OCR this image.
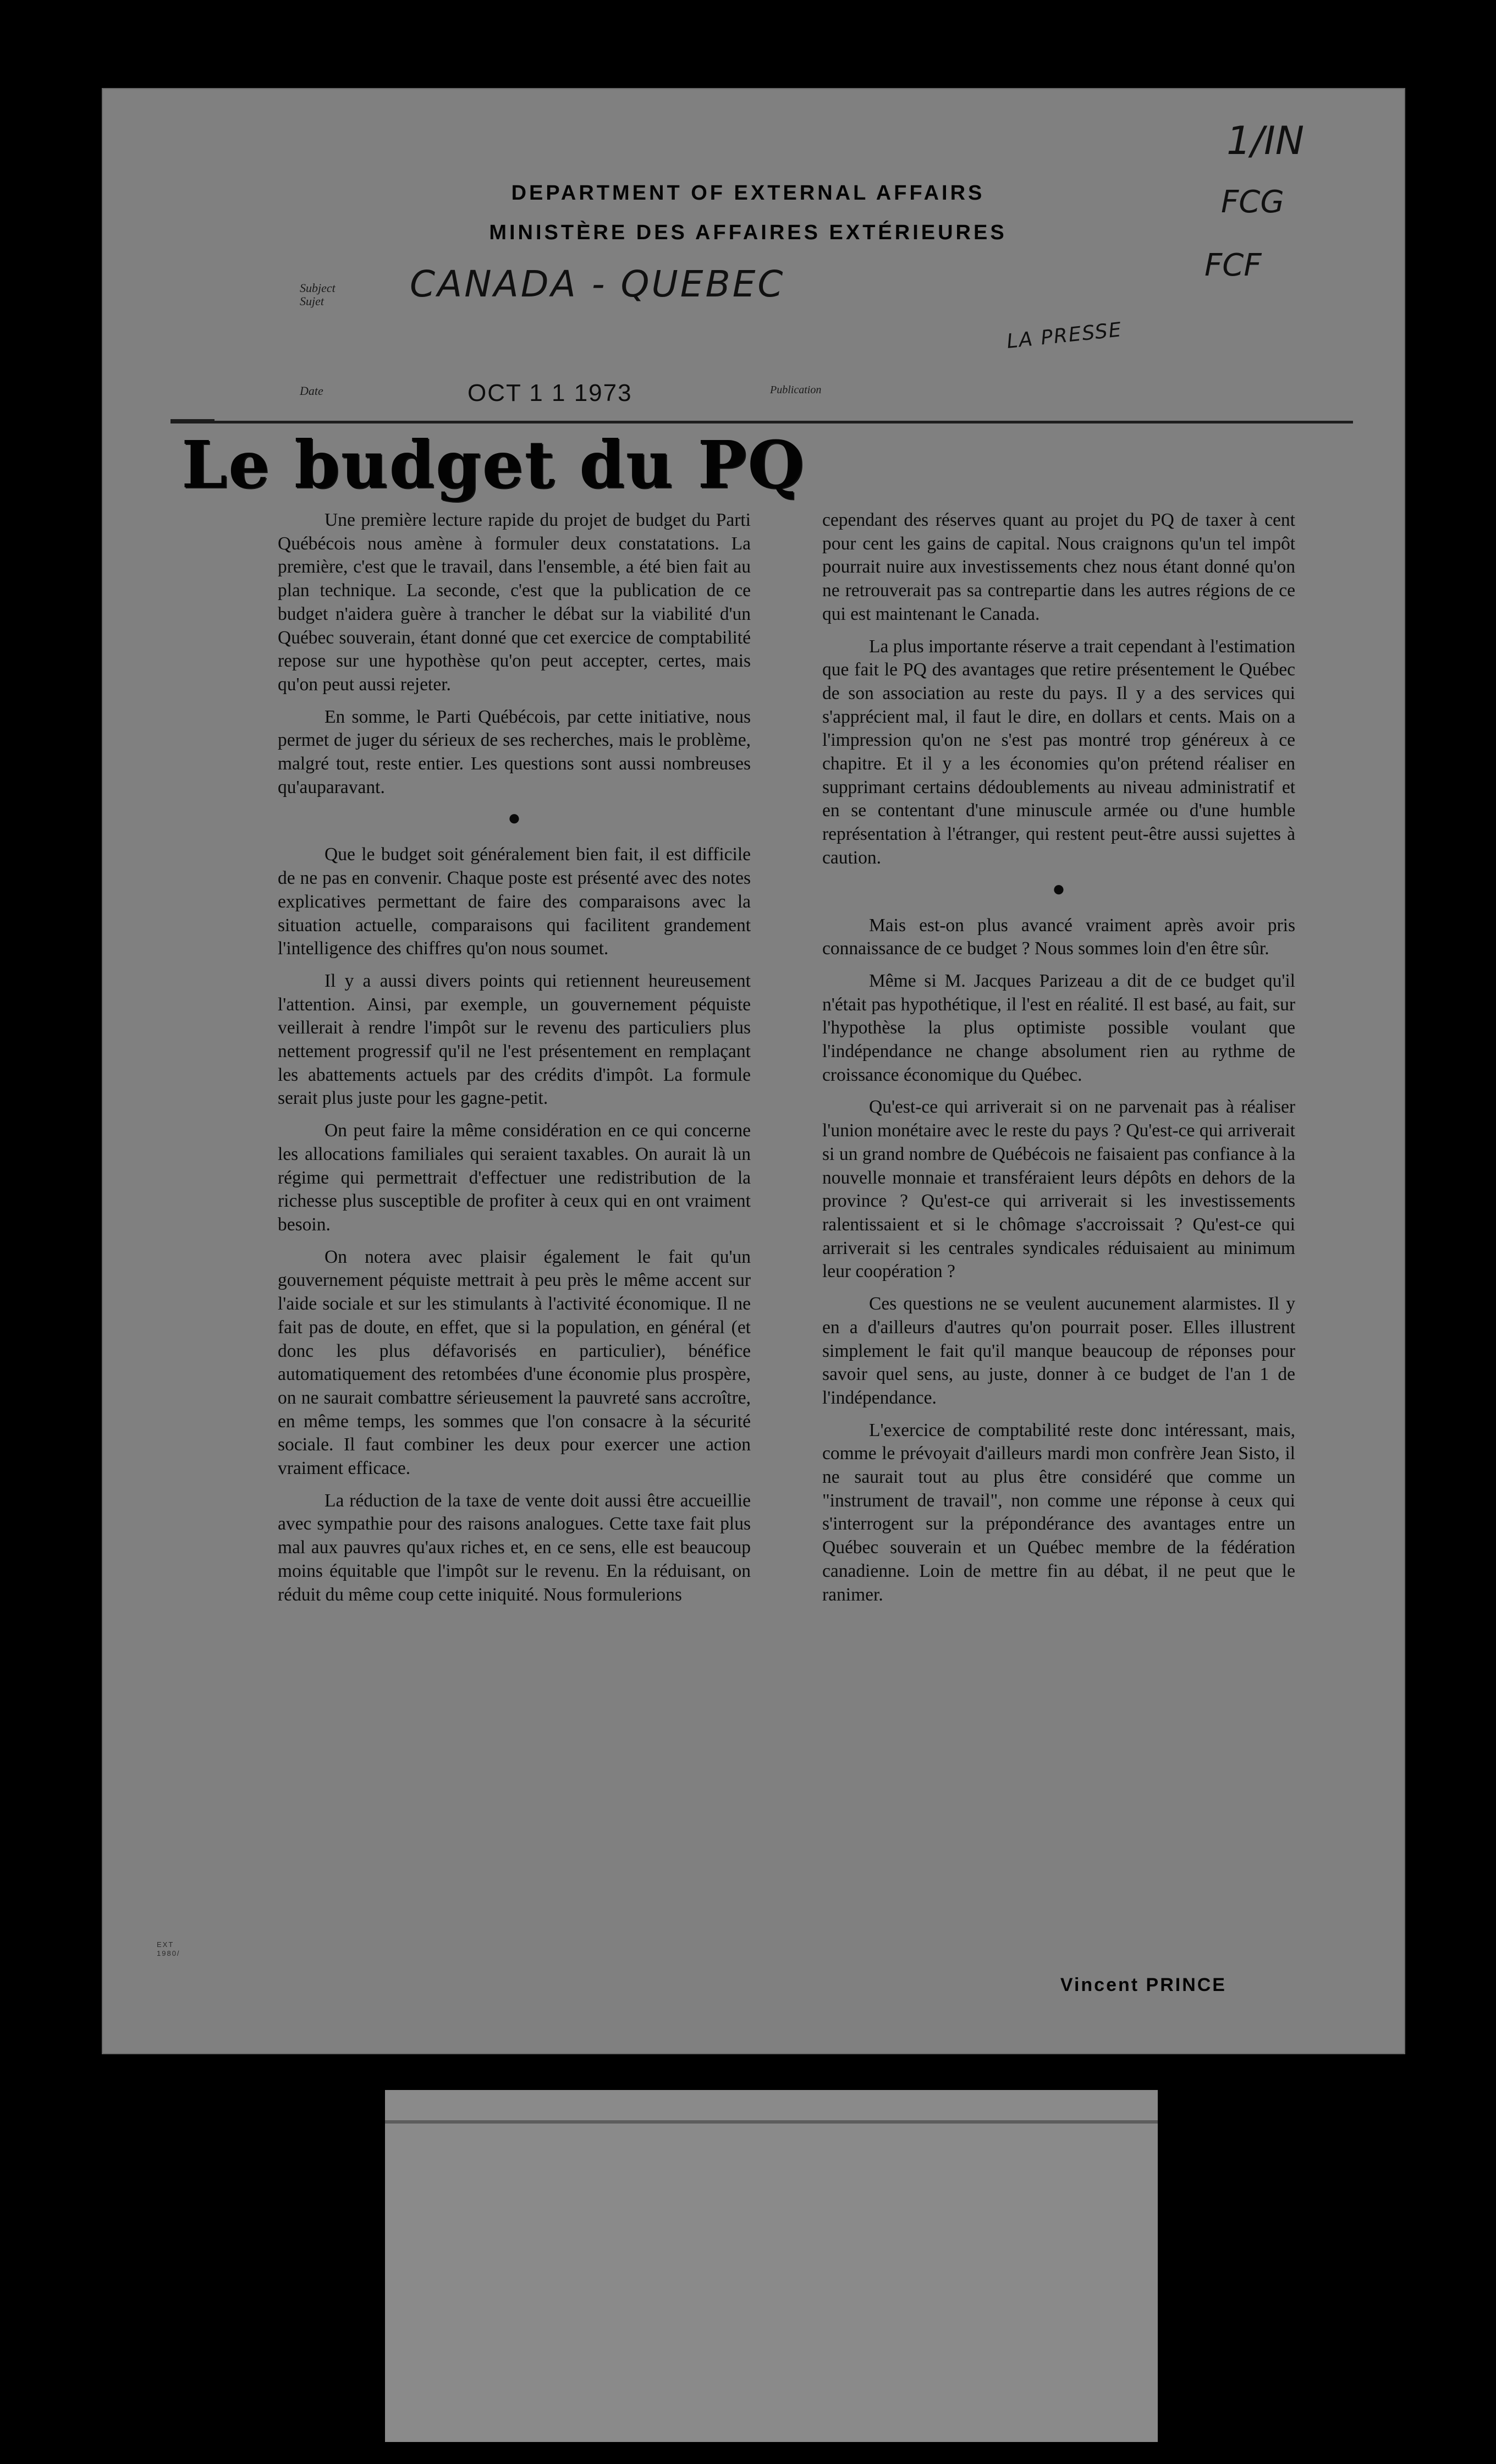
DEPARTMENT OF EXTERNAL AFFAIRS
MINISTÈRE DES AFFAIRES EXTÉRIEURES
Subject Sujet	CANADA - QUEBEC
LA PRESSE
Date	OCT 1 1 1973	Publication
1/IN
FCG
FCF
Le budget du PQ

Une première lecture rapide du projet de budget du Parti Québécois nous amène à formuler deux constatations. La première, c'est que le travail, dans l'ensemble, a été bien fait au plan technique. La seconde, c'est que la publication de ce budget n'aidera guère à trancher le débat sur la viabilité d'un Québec souverain, étant donné que cet exercice de comptabilité repose sur une hypothèse qu'on peut accepter, certes, mais qu'on peut aussi rejeter.

En somme, le Parti Québécois, par cette initiative, nous permet de juger du sérieux de ses recherches, mais le problème, malgré tout, reste entier. Les questions sont aussi nombreuses qu'auparavant.

●

Que le budget soit généralement bien fait, il est difficile de ne pas en convenir. Chaque poste est présenté avec des notes explicatives permettant de faire des comparaisons avec la situation actuelle, comparaisons qui facilitent grandement l'intelligence des chiffres qu'on nous soumet.

Il y a aussi divers points qui retiennent heureusement l'attention. Ainsi, par exemple, un gouvernement péquiste veillerait à rendre l'impôt sur le revenu des particuliers plus nettement progressif qu'il ne l'est présentement en remplaçant les abattements actuels par des crédits d'impôt. La formule serait plus juste pour les gagne-petit.

On peut faire la même considération en ce qui concerne les allocations familiales qui seraient taxables. On aurait là un régime qui permettrait d'effectuer une redistribution de la richesse plus susceptible de profiter à ceux qui en ont vraiment besoin.

On notera avec plaisir également le fait qu'un gouvernement péquiste mettrait à peu près le même accent sur l'aide sociale et sur les stimulants à l'activité économique. Il ne fait pas de doute, en effet, que si la population, en général (et donc les plus défavorisés en particulier), bénéfice automatiquement des retombées d'une économie plus prospère, on ne saurait combattre sérieusement la pauvreté sans accroître, en même temps, les sommes que l'on consacre à la sécurité sociale. Il faut combiner les deux pour exercer une action vraiment efficace.

La réduction de la taxe de vente doit aussi être accueillie avec sympathie pour des raisons analogues. Cette taxe fait plus mal aux pauvres qu'aux riches et, en ce sens, elle est beaucoup moins équitable que l'impôt sur le revenu. En la réduisant, on réduit du même coup cette iniquité. Nous formulerions

cependant des réserves quant au projet du PQ de taxer à cent pour cent les gains de capital. Nous craignons qu'un tel impôt pourrait nuire aux investissements chez nous étant donné qu'on ne retrouverait pas sa contrepartie dans les autres régions de ce qui est maintenant le Canada.

La plus importante réserve a trait cependant à l'estimation que fait le PQ des avantages que retire présentement le Québec de son association au reste du pays. Il y a des services qui s'apprécient mal, il faut le dire, en dollars et cents. Mais on a l'impression qu'on ne s'est pas montré trop généreux à ce chapitre. Et il y a les économies qu'on prétend réaliser en supprimant certains dédoublements au niveau administratif et en se contentant d'une minuscule armée ou d'une humble représentation à l'étranger, qui restent peut-être aussi sujettes à caution.

●

Mais est-on plus avancé vraiment après avoir pris connaissance de ce budget ? Nous sommes loin d'en être sûr.

Même si M. Jacques Parizeau a dit de ce budget qu'il n'était pas hypothétique, il l'est en réalité. Il est basé, au fait, sur l'hypothèse la plus optimiste possible voulant que l'indépendance ne change absolument rien au rythme de croissance économique du Québec.

Qu'est-ce qui arriverait si on ne parvenait pas à réaliser l'union monétaire avec le reste du pays ? Qu'est-ce qui arriverait si un grand nombre de Québécois ne faisaient pas confiance à la nouvelle monnaie et transféraient leurs dépôts en dehors de la province ? Qu'est-ce qui arriverait si les investissements ralentissaient et si le chômage s'accroissait ? Qu'est-ce qui arriverait si les centrales syndicales réduisaient au minimum leur coopération ?

Ces questions ne se veulent aucunement alarmistes. Il y en a d'ailleurs d'autres qu'on pourrait poser. Elles illustrent simplement le fait qu'il manque beaucoup de réponses pour savoir quel sens, au juste, donner à ce budget de l'an 1 de l'indépendance.

L'exercice de comptabilité reste donc intéressant, mais, comme le prévoyait d'ailleurs mardi mon confrère Jean Sisto, il ne saurait tout au plus être considéré que comme un "instrument de travail", non comme une réponse à ceux qui s'interrogent sur la prépondérance des avantages entre un Québec souverain et un Québec membre de la fédération canadienne. Loin de mettre fin au débat, il ne peut que le ranimer.

Vincent PRINCE
EXT 1980/
